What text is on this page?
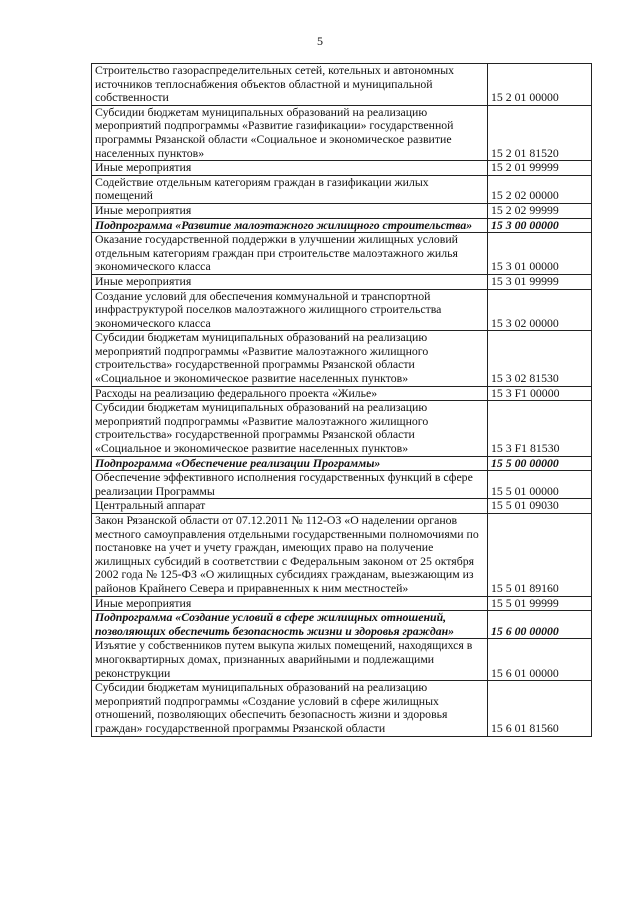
5
Строительство газораспределительных сетей, котельных и автономных источников теплоснабжения объектов областной и муниципальной собственности	15 2 01 00000
Субсидии бюджетам муниципальных образований на реализацию мероприятий подпрограммы «Развитие газификации» государственной программы Рязанской области «Социальное и экономическое развитие населенных пунктов»	15 2 01 81520
Иные мероприятия	15 2 01 99999
Содействие отдельным категориям граждан в газификации жилых помещений	15 2 02 00000
Иные мероприятия	15 2 02 99999
Подпрограмма «Развитие малоэтажного жилищного строительства»	15 3 00 00000
Оказание государственной поддержки в улучшении жилищных условий отдельным категориям граждан при строительстве малоэтажного жилья экономического класса	15 3 01 00000
Иные мероприятия	15 3 01 99999
Создание условий для обеспечения коммунальной и транспортной инфраструктурой поселков малоэтажного жилищного строительства экономического класса	15 3 02 00000
Субсидии бюджетам муниципальных образований на реализацию мероприятий подпрограммы «Развитие малоэтажного жилищного строительства» государственной программы Рязанской области «Социальное и экономическое развитие населенных пунктов»	15 3 02 81530
Расходы на реализацию федерального проекта «Жилье»	15 3 F1 00000
Субсидии бюджетам муниципальных образований на реализацию мероприятий подпрограммы «Развитие малоэтажного жилищного строительства» государственной программы Рязанской области «Социальное и экономическое развитие населенных пунктов»	15 3 F1 81530
Подпрограмма «Обеспечение реализации Программы»	15 5 00 00000
Обеспечение эффективного исполнения государственных функций в сфере реализации Программы	15 5 01 00000
Центральный аппарат	15 5 01 09030
Закон Рязанской области от 07.12.2011 № 112-ОЗ «О наделении органов местного самоуправления отдельными государственными полномочиями по постановке на учет и учету граждан, имеющих право на получение жилищных субсидий в соответствии с Федеральным законом от 25 октября 2002 года № 125-ФЗ «О жилищных субсидиях гражданам, выезжающим из районов Крайнего Севера и приравненных к ним местностей»	15 5 01 89160
Иные мероприятия	15 5 01 99999
Подпрограмма «Создание условий в сфере жилищных отношений, позволяющих обеспечить безопасность жизни и здоровья граждан»	15 6 00 00000
Изъятие у собственников путем выкупа жилых помещений, находящихся в многоквартирных домах, признанных аварийными и подлежащими реконструкции	15 6 01 00000
Субсидии бюджетам муниципальных образований на реализацию мероприятий подпрограммы «Создание условий в сфере жилищных отношений, позволяющих обеспечить безопасность жизни и здоровья граждан» государственной программы Рязанской области	15 6 01 81560
